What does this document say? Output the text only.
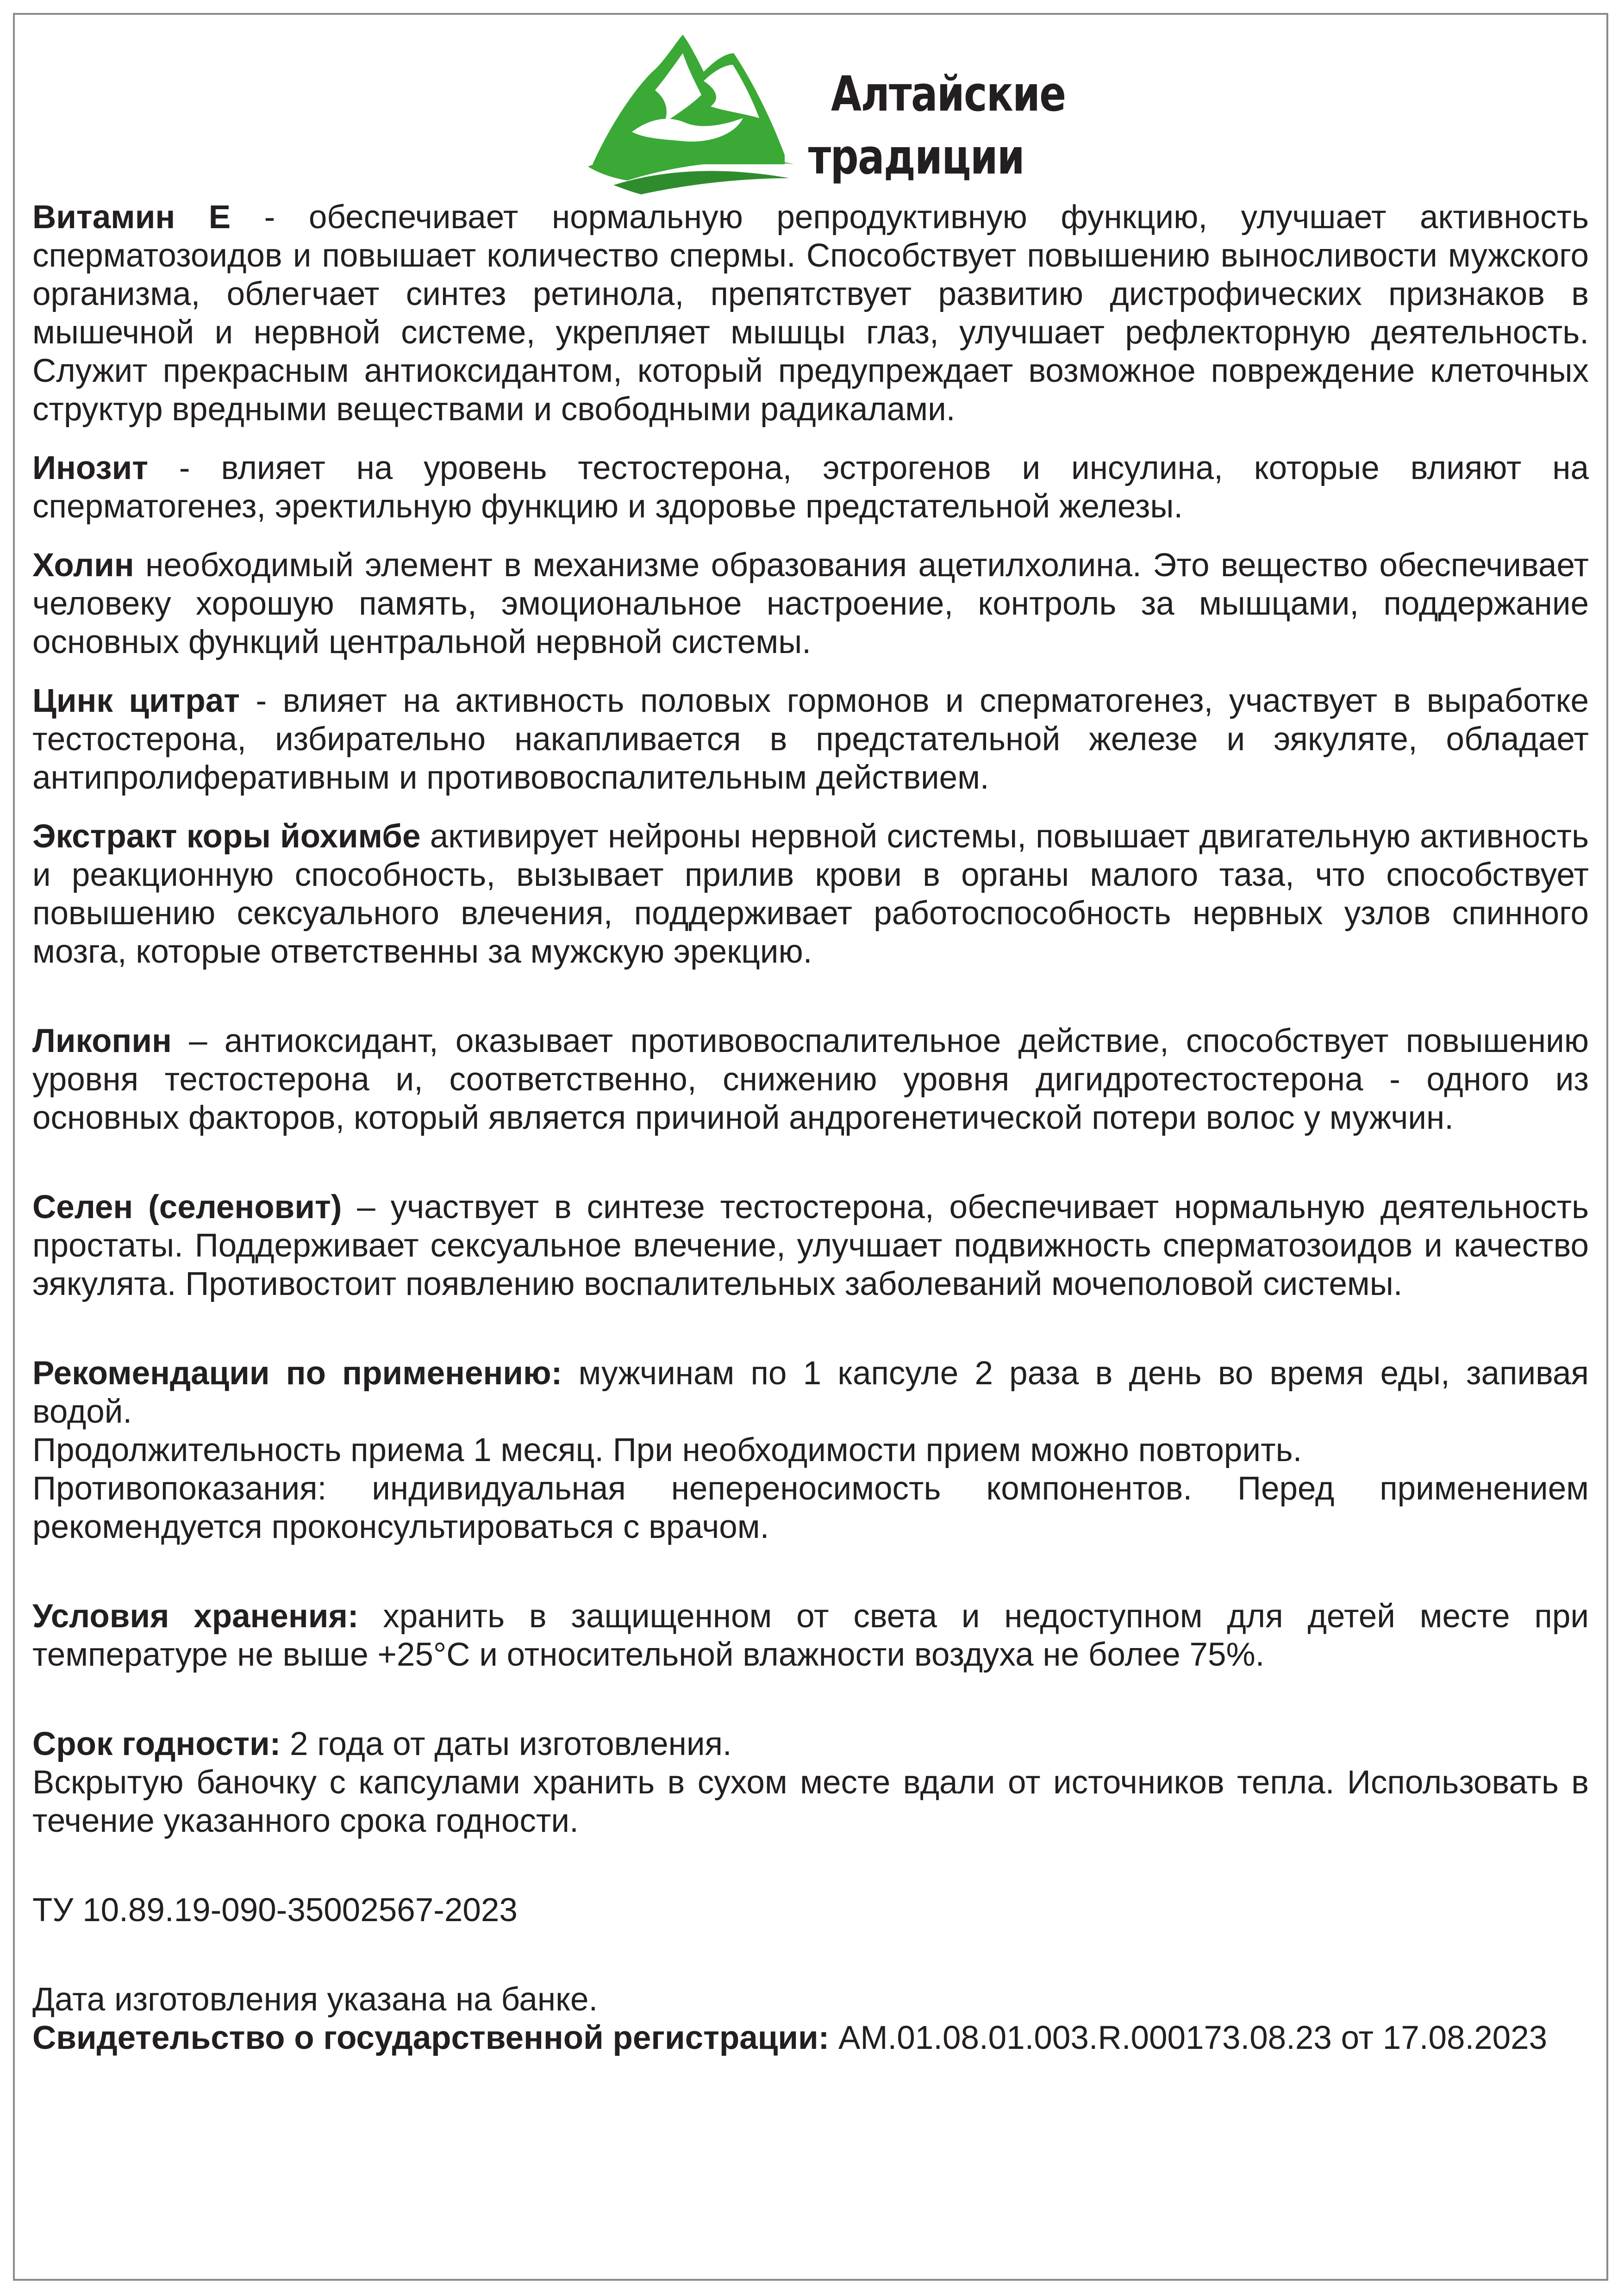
Алтайские
традиции

Витамин Е - обеспечивает нормальную репродуктивную функцию, улучшает активность сперматозоидов и повышает количество спермы. Способствует повышению выносливости мужского организма, облегчает синтез ретинола, препятствует развитию дистрофических признаков в мышечной и нервной системе, укрепляет мышцы глаз, улучшает рефлекторную деятельность. Служит прекрасным антиоксидантом, который предупреждает возможное повреждение клеточных структур вредными веществами и свободными радикалами.

Инозит - влияет на уровень тестостерона, эстрогенов и инсулина, которые влияют на сперматогенез, эректильную функцию и здоровье предстательной железы.

Холин необходимый элемент в механизме образования ацетилхолина. Это вещество обеспечивает человеку хорошую память, эмоциональное настроение, контроль за мышцами, поддержание основных функций центральной нервной системы.

Цинк цитрат - влияет на активность половых гормонов и сперматогенез, участвует в выработке тестостерона, избирательно накапливается в предстательной железе и эякуляте, обладает антипролиферативным и противовоспалительным действием.

Экстракт коры йохимбе активирует нейроны нервной системы, повышает двигательную активность и реакционную способность, вызывает прилив крови в органы малого таза, что способствует повышению сексуального влечения, поддерживает работоспособность нервных узлов спинного мозга, которые ответственны за мужскую эрекцию.

Ликопин – антиоксидант, оказывает противовоспалительное действие, способствует повышению уровня тестостерона и, соответственно, снижению уровня дигидротестостерона - одного из основных факторов, который является причиной андрогенетической потери волос у мужчин.

Селен (селеновит) – участвует в синтезе тестостерона, обеспечивает нормальную деятельность простаты. Поддерживает сексуальное влечение, улучшает подвижность сперматозоидов и качество эякулята. Противостоит появлению воспалительных заболеваний мочеполовой системы.

Рекомендации по применению: мужчинам по 1 капсуле 2 раза в день во время еды, запивая водой.

Продолжительность приема 1 месяц. При необходимости прием можно повторить.

Противопоказания: индивидуальная непереносимость компонентов. Перед применением рекомендуется проконсультироваться с врачом.

Условия хранения: хранить в защищенном от света и недоступном для детей месте при температуре не выше +25°С и относительной влажности воздуха не более 75%.

Срок годности: 2 года от даты изготовления.

Вскрытую баночку с капсулами хранить в сухом месте вдали от источников тепла. Использовать в течение указанного срока годности.

ТУ 10.89.19-090-35002567-2023

Дата изготовления указана на банке.

Свидетельство о государственной регистрации: АМ.01.08.01.003.R.000173.08.23 от 17.08.2023
